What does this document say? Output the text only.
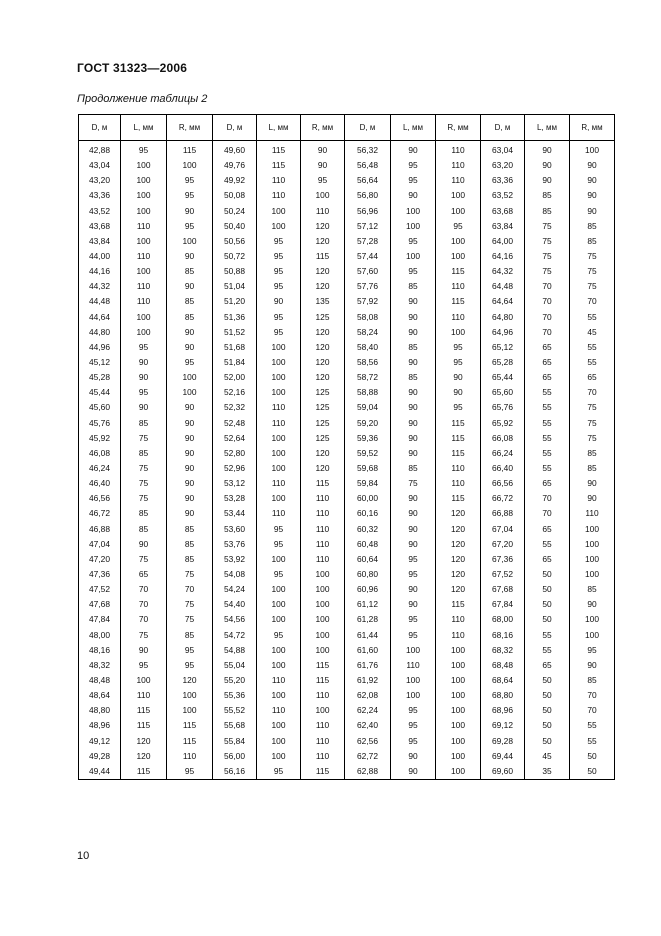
ГОСТ 31323—2006
Продолжение таблицы 2
D, м	L, мм	R, мм	D, м	L, мм	R, мм	D, м	L, мм	R, мм	D, м	L, мм	R, мм
42,88	95	115	49,60	115	90	56,32	90	110	63,04	90	100
43,04	100	100	49,76	115	90	56,48	95	110	63,20	90	90
43,20	100	95	49,92	110	95	56,64	95	110	63,36	90	90
43,36	100	95	50,08	110	100	56,80	90	100	63,52	85	90
43,52	100	90	50,24	100	110	56,96	100	100	63,68	85	90
43,68	110	95	50,40	100	120	57,12	100	95	63,84	75	85
43,84	100	100	50,56	95	120	57,28	95	100	64,00	75	85
44,00	110	90	50,72	95	115	57,44	100	100	64,16	75	75
44,16	100	85	50,88	95	120	57,60	95	115	64,32	75	75
44,32	110	90	51,04	95	120	57,76	85	110	64,48	70	75
44,48	110	85	51,20	90	135	57,92	90	115	64,64	70	70
44,64	100	85	51,36	95	125	58,08	90	110	64,80	70	55
44,80	100	90	51,52	95	120	58,24	90	100	64,96	70	45
44,96	95	90	51,68	100	120	58,40	85	95	65,12	65	55
45,12	90	95	51,84	100	120	58,56	90	95	65,28	65	55
45,28	90	100	52,00	100	120	58,72	85	90	65,44	65	65
45,44	95	100	52,16	100	125	58,88	90	90	65,60	55	70
45,60	90	90	52,32	110	125	59,04	90	95	65,76	55	75
45,76	85	90	52,48	110	125	59,20	90	115	65,92	55	75
45,92	75	90	52,64	100	125	59,36	90	115	66,08	55	75
46,08	85	90	52,80	100	120	59,52	90	115	66,24	55	85
46,24	75	90	52,96	100	120	59,68	85	110	66,40	55	85
46,40	75	90	53,12	110	115	59,84	75	110	66,56	65	90
46,56	75	90	53,28	100	110	60,00	90	115	66,72	70	90
46,72	85	90	53,44	110	110	60,16	90	120	66,88	70	110
46,88	85	85	53,60	95	110	60,32	90	120	67,04	65	100
47,04	90	85	53,76	95	110	60,48	90	120	67,20	55	100
47,20	75	85	53,92	100	110	60,64	95	120	67,36	65	100
47,36	65	75	54,08	95	100	60,80	95	120	67,52	50	100
47,52	70	70	54,24	100	100	60,96	90	120	67,68	50	85
47,68	70	75	54,40	100	100	61,12	90	115	67,84	50	90
47,84	70	75	54,56	100	100	61,28	95	110	68,00	50	100
48,00	75	85	54,72	95	100	61,44	95	110	68,16	55	100
48,16	90	95	54,88	100	100	61,60	100	100	68,32	55	95
48,32	95	95	55,04	100	115	61,76	110	100	68,48	65	90
48,48	100	120	55,20	110	115	61,92	100	100	68,64	50	85
48,64	110	100	55,36	100	110	62,08	100	100	68,80	50	70
48,80	115	100	55,52	110	100	62,24	95	100	68,96	50	70
48,96	115	115	55,68	100	110	62,40	95	100	69,12	50	55
49,12	120	115	55,84	100	110	62,56	95	100	69,28	50	55
49,28	120	110	56,00	100	110	62,72	90	100	69,44	45	50
49,44	115	95	56,16	95	115	62,88	90	100	69,60	35	50
10
